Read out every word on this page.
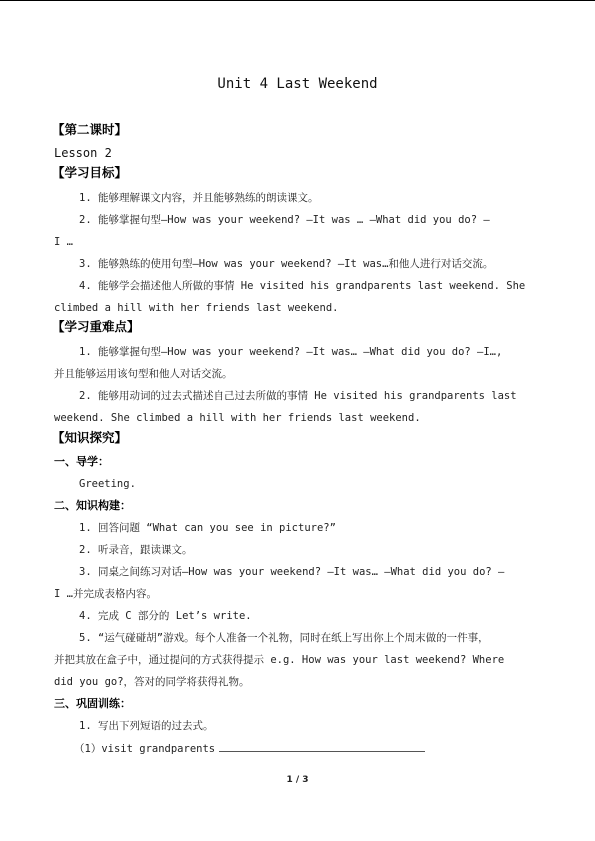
Unit 4 Last Weekend
【第二课时】
Lesson 2
【学习目标】
1. 能够理解课文内容，并且能够熟练的朗读课文。
2. 能够掌握句型—How was your weekend? —It was … —What did you do? —
I …
3. 能够熟练的使用句型—How was your weekend? —It was…和他人进行对话交流。
4. 能够学会描述他人所做的事情 He visited his grandparents last weekend. She
climbed a hill with her friends last weekend.
【学习重难点】
1. 能够掌握句型—How was your weekend? —It was… —What did you do? —I…,
并且能够运用该句型和他人对话交流。
2. 能够用动词的过去式描述自己过去所做的事情 He visited his grandparents last
weekend. She climbed a hill with her friends last weekend.
【知识探究】
一、导学：
Greeting.
二、知识构建：
1. 回答问题 “What can you see in picture?”
2. 听录音，跟读课文。
3. 同桌之间练习对话—How was your weekend? —It was… —What did you do? —
I …并完成表格内容。
4. 完成 C 部分的 Let’s write.
5. “运气碰碰胡”游戏。每个人准备一个礼物，同时在纸上写出你上个周末做的一件事，
并把其放在盒子中，通过提问的方式获得提示 e.g. How was your last weekend? Where
did you go?，答对的同学将获得礼物。
三、巩固训练：
1. 写出下列短语的过去式。
（1）visit grandparents
1 / 3
